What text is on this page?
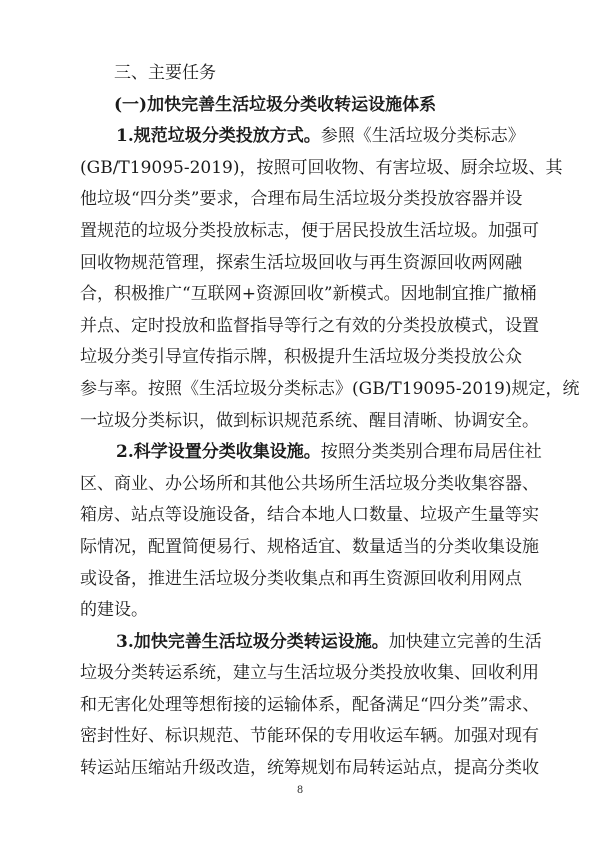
三、主要任务
(一)加快完善生活垃圾分类收转运设施体系
1.规范垃圾分类投放方式。参照《生活垃圾分类标志》
(GB/T19095-2019)，按照可回收物、有害垃圾、厨余垃圾、其
他垃圾“四分类”要求，合理布局生活垃圾分类投放容器并设
置规范的垃圾分类投放标志，便于居民投放生活垃圾。加强可
回收物规范管理，探索生活垃圾回收与再生资源回收两网融
合，积极推广“互联网+资源回收”新模式。因地制宜推广撤桶
并点、定时投放和监督指导等行之有效的分类投放模式，设置
垃圾分类引导宣传指示牌，积极提升生活垃圾分类投放公众
参与率。按照《生活垃圾分类标志》(GB/T19095-2019)规定，统
一垃圾分类标识，做到标识规范系统、醒目清晰、协调安全。
2.科学设置分类收集设施。按照分类类别合理布局居住社
区、商业、办公场所和其他公共场所生活垃圾分类收集容器、
箱房、站点等设施设备，结合本地人口数量、垃圾产生量等实
际情况，配置简便易行、规格适宜、数量适当的分类收集设施
或设备，推进生活垃圾分类收集点和再生资源回收利用网点
的建设。
3.加快完善生活垃圾分类转运设施。加快建立完善的生活
垃圾分类转运系统，建立与生活垃圾分类投放收集、回收利用
和无害化处理等想衔接的运输体系，配备满足“四分类”需求、
密封性好、标识规范、节能环保的专用收运车辆。加强对现有
转运站压缩站升级改造，统筹规划布局转运站点，提高分类收
8
